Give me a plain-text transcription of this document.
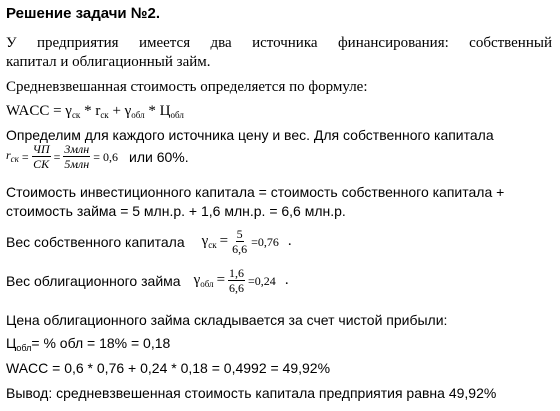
Решение задачи №2.
У предприятия имеется два источника финансирования: собственный
капитал и облигационный займ.
Средневзвешанная стоимость определяется по формуле:
WACC = $\gamma_{ск} * r_{ск} + \gamma_{обл} * Ц_{обл}$
Определим для каждого источника цену и вес. Для собственного капитала
$r_{ск} = \frac{ЧП}{СК} = \frac{\text{3млн}}{\text{5млн}} = 0,6$ или 60%.
Стоимость инвестиционного капитала = стоимость собственного капитала +
стоимость займа = 5 млн.р. + 1,6 млн.р. = 6,6 млн.р.
Вес собственного капитала $\gamma_{ск} = \frac{5}{6,6} =0,76$ .
Вес облигационного займа $\gamma_{обл} = \frac{1,6}{6,6} =0,24$ .
Цена облигационного займа складывается за счет чистой прибыли:
$Ц_{обл}=$ % обл = 18% = 0,18
WACC = 0,6 * 0,76 + 0,24 * 0,18 = 0,4992 = 49,92%
Вывод: средневзвешенная стоимость капитала предприятия равна 49,92%
